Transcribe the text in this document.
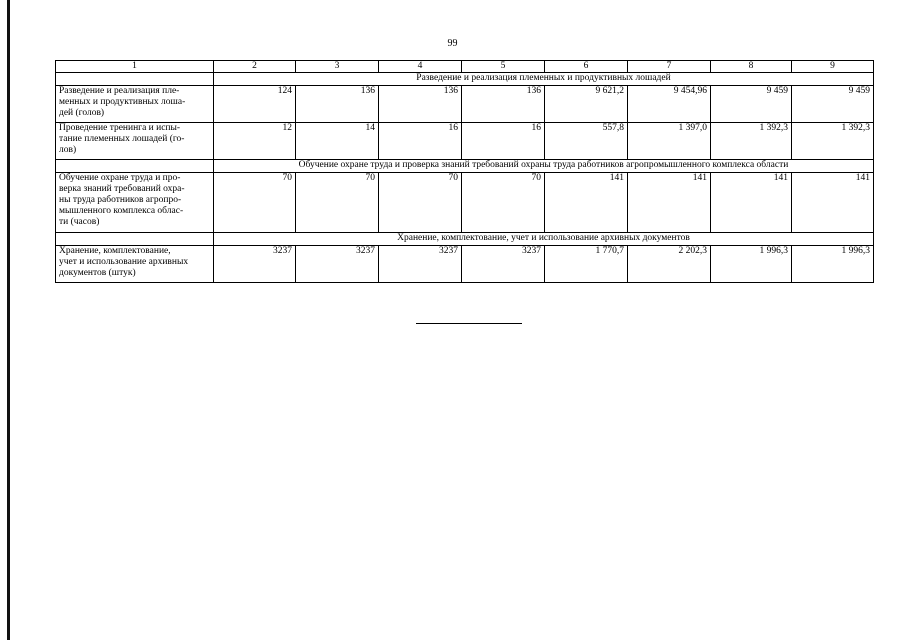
99
1	2	3	4	5	6	7	8	9
	Разведение и реализация племенных и продуктивных лошадей							
Разведение и реализация пле-
менных и продуктивных лоша-
дей (голов)	124	136	136	136	9 621,2	9 454,96	9 459	9 459
Проведение тренинга и испы-
тание племенных лошадей (го-
лов)	12	14	16	16	557,8	1 397,0	1 392,3	1 392,3
	Обучение охране труда и проверка знаний требований охраны труда работников агропромышленного комплекса области							
Обучение охране труда и про-
верка знаний требований охра-
ны труда работников агропро-
мышленного комплекса облас-
ти (часов)	70	70	70	70	141	141	141	141
	Хранение, комплектование, учет и использование архивных документов							
Хранение, комплектование,
учет и использование архивных
документов (штук)	3237	3237	3237	3237	1 770,7	2 202,3	1 996,3	1 996,3
